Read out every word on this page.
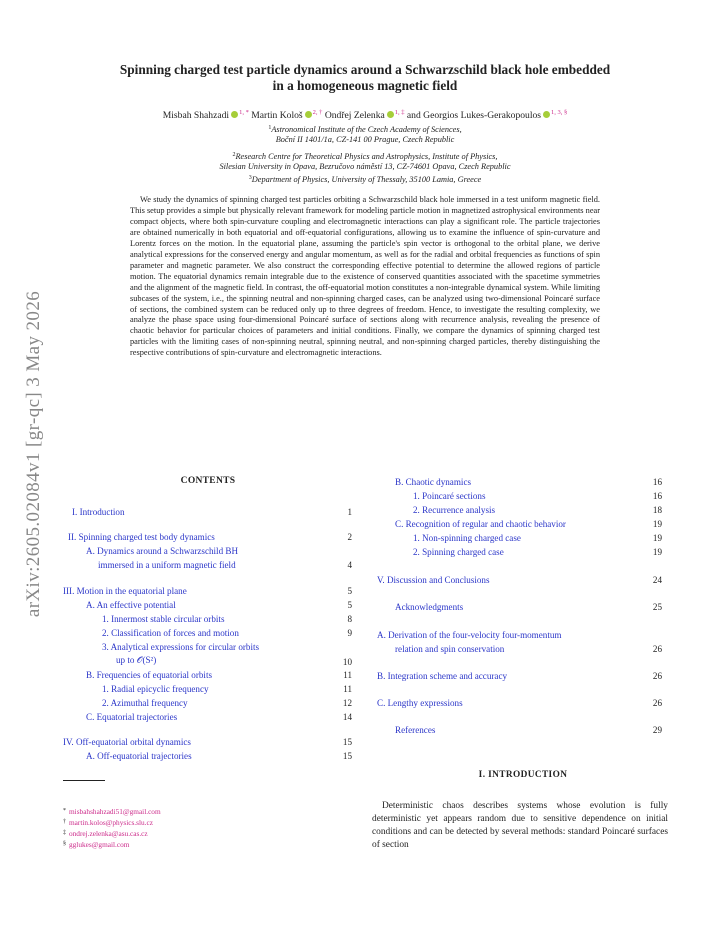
arXiv:2605.02084v1 [gr-qc] 3 May 2026
Spinning charged test particle dynamics around a Schwarzschild black hole embedded
in a homogeneous magnetic field
Misbah Shahzadi $^{1, *}$ Martin Kološ $^{2, \dagger}$ Ondřej Zelenka $^{1, \ddagger}$ and Georgios Lukes-Gerakopoulos $^{1, 3, \S}$
$^1$Astronomical Institute of the Czech Academy of Sciences,
Boční II 1401/1a, CZ-141 00 Prague, Czech Republic
$^2$Research Centre for Theoretical Physics and Astrophysics, Institute of Physics,
Silesian University in Opava, Bezručovo náměstí 13, CZ-74601 Opava, Czech Republic
$^3$Department of Physics, University of Thessaly, 35100 Lamia, Greece

We study the dynamics of spinning charged test particles orbiting a Schwarzschild black hole immersed in a test uniform magnetic field. This setup provides a simple but physically relevant framework for modeling particle motion in magnetized astrophysical environments near compact objects, where both spin-curvature coupling and electromagnetic interactions can play a significant role. The particle trajectories are obtained numerically in both equatorial and off-equatorial configurations, allowing us to examine the influence of spin-curvature and Lorentz forces on the motion. In the equatorial plane, assuming the particle's spin vector is orthogonal to the orbital plane, we derive analytical expressions for the conserved energy and angular momentum, as well as for the radial and orbital frequencies as functions of spin parameter and magnetic parameter. We also construct the corresponding effective potential to determine the allowed regions of particle motion. The equatorial dynamics remain integrable due to the existence of conserved quantities associated with the spacetime symmetries and the alignment of the magnetic field. In contrast, the off-equatorial motion constitutes a non-integrable dynamical system. While limiting subcases of the system, i.e., the spinning neutral and non-spinning charged cases, can be analyzed using two-dimensional Poincaré surface of sections, the combined system can be reduced only up to three degrees of freedom. Hence, to investigate the resulting complexity, we analyze the phase space using four-dimensional Poincaré surface of sections along with recurrence analysis, revealing the presence of chaotic behavior for particular choices of parameters and initial conditions. Finally, we compare the dynamics of spinning charged test particles with the limiting cases of non-spinning neutral, spinning neutral, and non-spinning charged particles, thereby distinguishing the respective contributions of spin-curvature and electromagnetic interactions.

CONTENTS
I. Introduction	1
II. Spinning charged test body dynamics	2
A. Dynamics around a Schwarzschild BH
immersed in a uniform magnetic field	4
III. Motion in the equatorial plane	5
A. An effective potential	5
1. Innermost stable circular orbits	8
2. Classification of forces and motion	9
3. Analytical expressions for circular orbits
up to 𝒪(S²)	10
B. Frequencies of equatorial orbits	11
1. Radial epicyclic frequency	11
2. Azimuthal frequency	12
C. Equatorial trajectories	14
IV. Off-equatorial orbital dynamics	15
A. Off-equatorial trajectories	15
B. Chaotic dynamics	16
1. Poincaré sections	16
2. Recurrence analysis	18
C. Recognition of regular and chaotic behavior	19
1. Non-spinning charged case	19
2. Spinning charged case	19
V. Discussion and Conclusions	24
Acknowledgments	25
A. Derivation of the four-velocity four-momentum
relation and spin conservation	26
B. Integration scheme and accuracy	26
C. Lengthy expressions	26
References	29
* misbahshahzadi51@gmail.com
† martin.kolos@physics.slu.cz
‡ ondrej.zelenka@asu.cas.cz
§ gglukes@gmail.com
I. INTRODUCTION

Deterministic chaos describes systems whose evolution is fully deterministic yet appears random due to sensitive dependence on initial conditions and can be detected by several methods: standard Poincaré surfaces of section
